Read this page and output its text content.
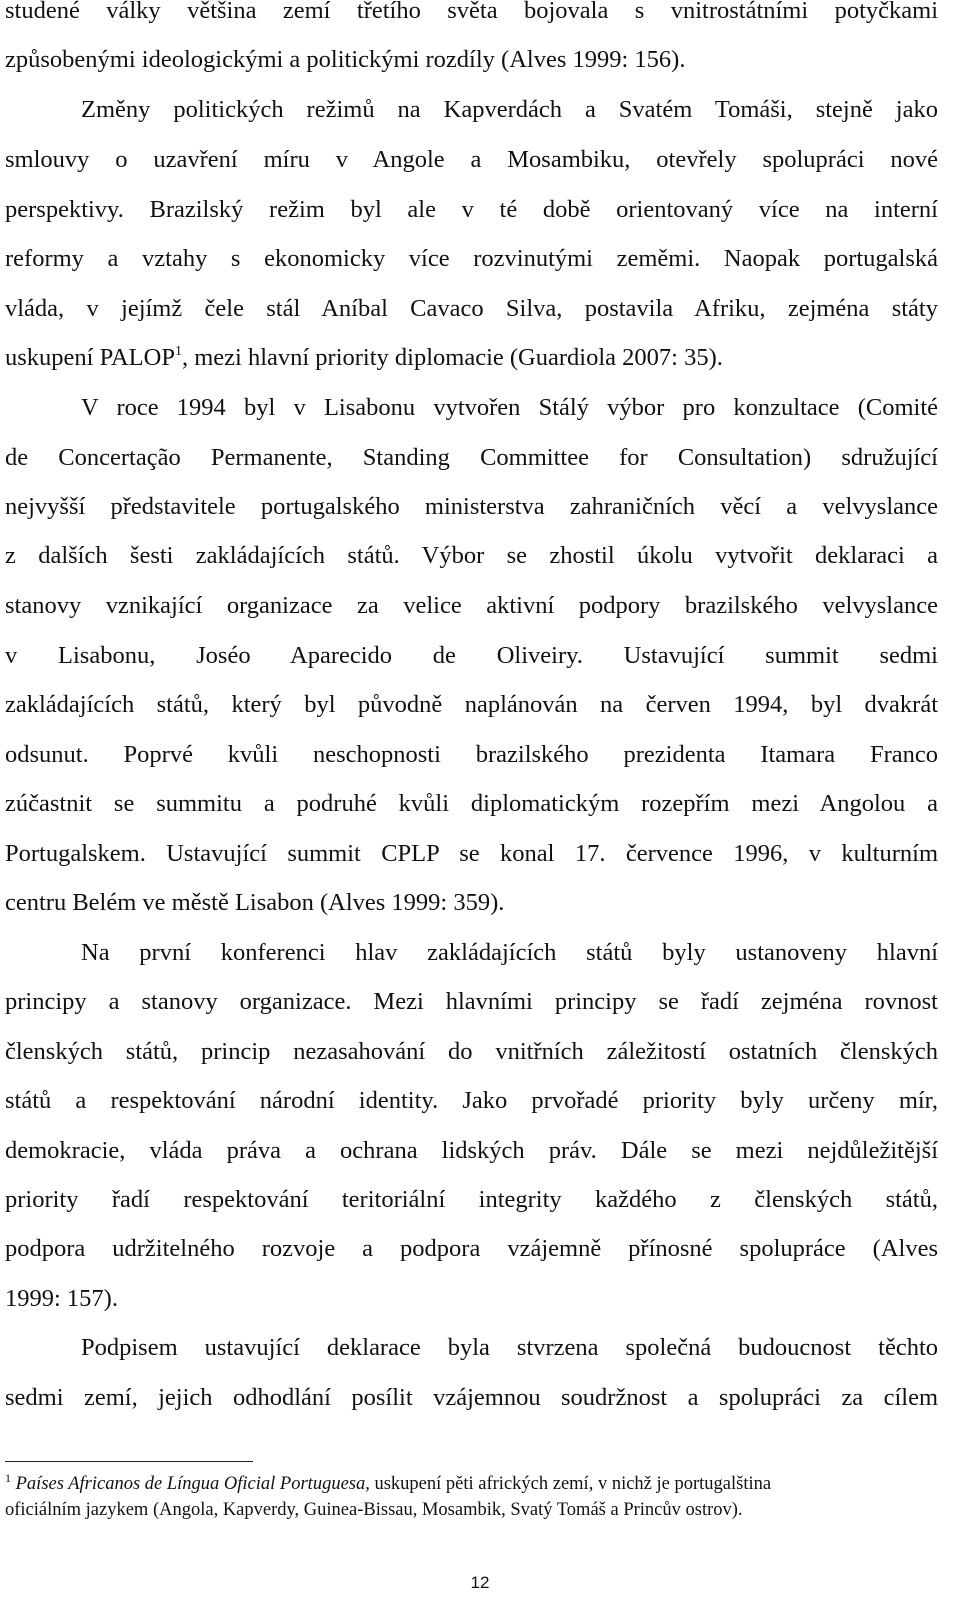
studené války většina zemí třetího světa bojovala s vnitrostátními potyčkami
způsobenými ideologickými a politickými rozdíly (Alves 1999: 156).
Změny politických režimů na Kapverdách a Svatém Tomáši, stejně jako
smlouvy o uzavření míru v Angole a Mosambiku, otevřely spolupráci nové
perspektivy. Brazilský režim byl ale v té době orientovaný více na interní
reformy a vztahy s ekonomicky více rozvinutými zeměmi. Naopak portugalská
vláda, v jejímž čele stál Aníbal Cavaco Silva, postavila Afriku, zejména státy
uskupení PALOP$^1$, mezi hlavní priority diplomacie (Guardiola 2007: 35).
V roce 1994 byl v Lisabonu vytvořen Stálý výbor pro konzultace (Comité
de Concertação Permanente, Standing Committee for Consultation) sdružující
nejvyšší představitele portugalského ministerstva zahraničních věcí a velvyslance
z dalších šesti zakládajících států. Výbor se zhostil úkolu vytvořit deklaraci a
stanovy vznikající organizace za velice aktivní podpory brazilského velvyslance
v Lisabonu, Joséo Aparecido de Oliveiry. Ustavující summit sedmi
zakládajících států, který byl původně naplánován na červen 1994, byl dvakrát
odsunut. Poprvé kvůli neschopnosti brazilského prezidenta Itamara Franco
zúčastnit se summitu a podruhé kvůli diplomatickým rozepřím mezi Angolou a
Portugalskem. Ustavující summit CPLP se konal 17. července 1996, v kulturním
centru Belém ve městě Lisabon (Alves 1999: 359).
Na první konferenci hlav zakládajících států byly ustanoveny hlavní
principy a stanovy organizace. Mezi hlavními principy se řadí zejména rovnost
členských států, princip nezasahování do vnitřních záležitostí ostatních členských
států a respektování národní identity. Jako prvořadé priority byly určeny mír,
demokracie, vláda práva a ochrana lidských práv. Dále se mezi nejdůležitější
priority řadí respektování teritoriální integrity každého z členských států,
podpora udržitelného rozvoje a podpora vzájemně přínosné spolupráce (Alves
1999: 157).
Podpisem ustavující deklarace byla stvrzena společná budoucnost těchto
sedmi zemí, jejich odhodlání posílit vzájemnou soudržnost a spolupráci za cílem
$^1$ Países Africanos de Língua Oficial Portuguesa, uskupení pěti afrických zemí, v nichž je portugalština
oficiálním jazykem (Angola, Kapverdy, Guinea-Bissau, Mosambik, Svatý Tomáš a Princův ostrov).
12
